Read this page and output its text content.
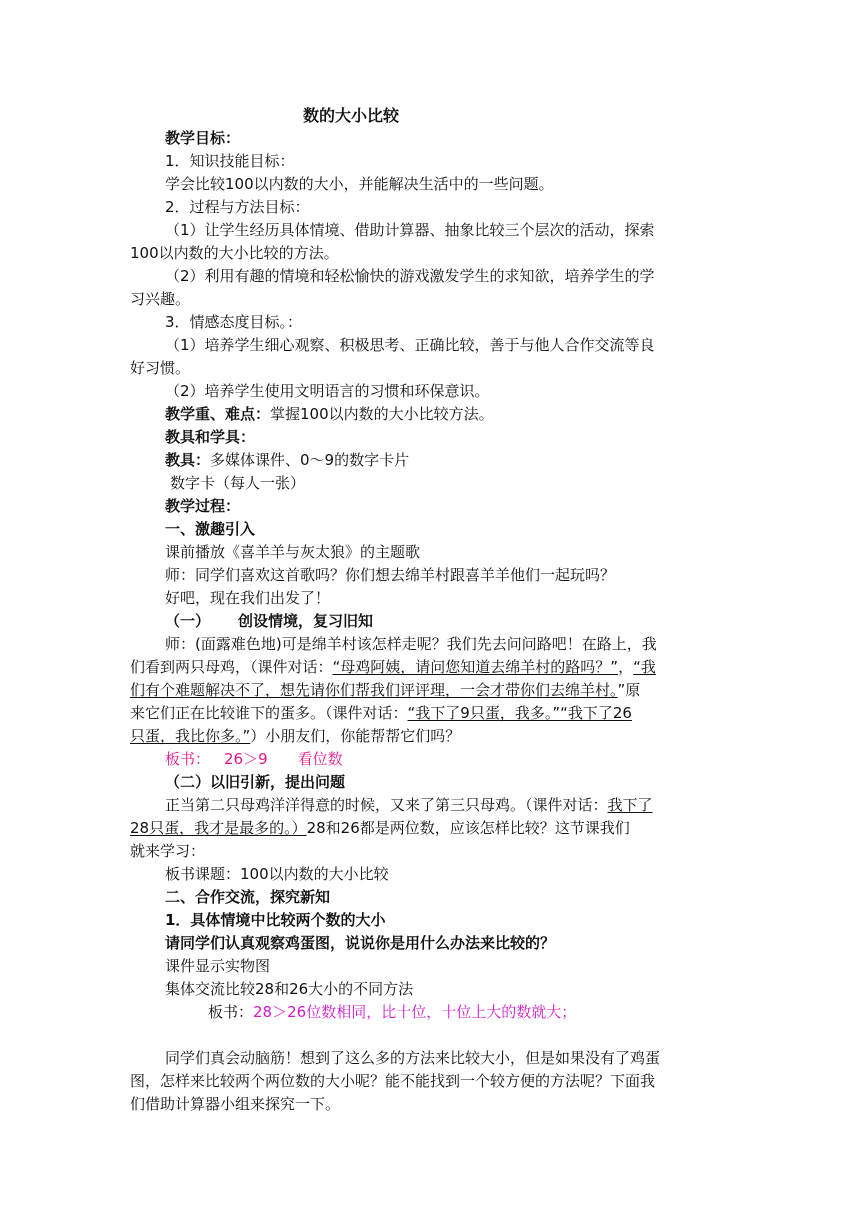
数的大小比较
教学目标：
1．知识技能目标：
学会比较100以内数的大小，并能解决生活中的一些问题。
2．过程与方法目标：
（1）让学生经历具体情境、借助计算器、抽象比较三个层次的活动，探索
100以内数的大小比较的方法。
（2）利用有趣的情境和轻松愉快的游戏激发学生的求知欲，培养学生的学
习兴趣。
3．情感态度目标。：
（1）培养学生细心观察、积极思考、正确比较，善于与他人合作交流等良
好习惯。
（2）培养学生使用文明语言的习惯和环保意识。
教学重、难点：掌握100以内数的大小比较方法。
教具和学具：
教具：多媒体课件、0～9的数字卡片
数字卡（每人一张）
教学过程：
一、激趣引入
课前播放《喜羊羊与灰太狼》的主题歌
师：同学们喜欢这首歌吗？你们想去绵羊村跟喜羊羊他们一起玩吗？
好吧，现在我们出发了！
（一） 创设情境，复习旧知
师：(面露难色地)可是绵羊村该怎样走呢？我们先去问问路吧！在路上，我
们看到两只母鸡，（课件对话：“母鸡阿姨，请问您知道去绵羊村的路吗？”，“我
们有个难题解决不了，想先请你们帮我们评评理，一会才带你们去绵羊村。”原
来它们正在比较谁下的蛋多。（课件对话：“我下了9只蛋，我多。”“我下了26
只蛋，我比你多。”）小朋友们，你能帮帮它们吗？
板书： 26＞9 看位数
（二）以旧引新，提出问题
正当第二只母鸡洋洋得意的时候，又来了第三只母鸡。（课件对话：我下了
28只蛋，我才是最多的。）28和26都是两位数，应该怎样比较？这节课我们
就来学习：
板书课题：100以内数的大小比较
二、合作交流，探究新知
1．具体情境中比较两个数的大小
请同学们认真观察鸡蛋图，说说你是用什么办法来比较的？
课件显示实物图
集体交流比较28和26大小的不同方法
板书：28＞26位数相同，比十位，十位上大的数就大；
同学们真会动脑筋！想到了这么多的方法来比较大小，但是如果没有了鸡蛋
图，怎样来比较两个两位数的大小呢？能不能找到一个较方便的方法呢？下面我
们借助计算器小组来探究一下。
